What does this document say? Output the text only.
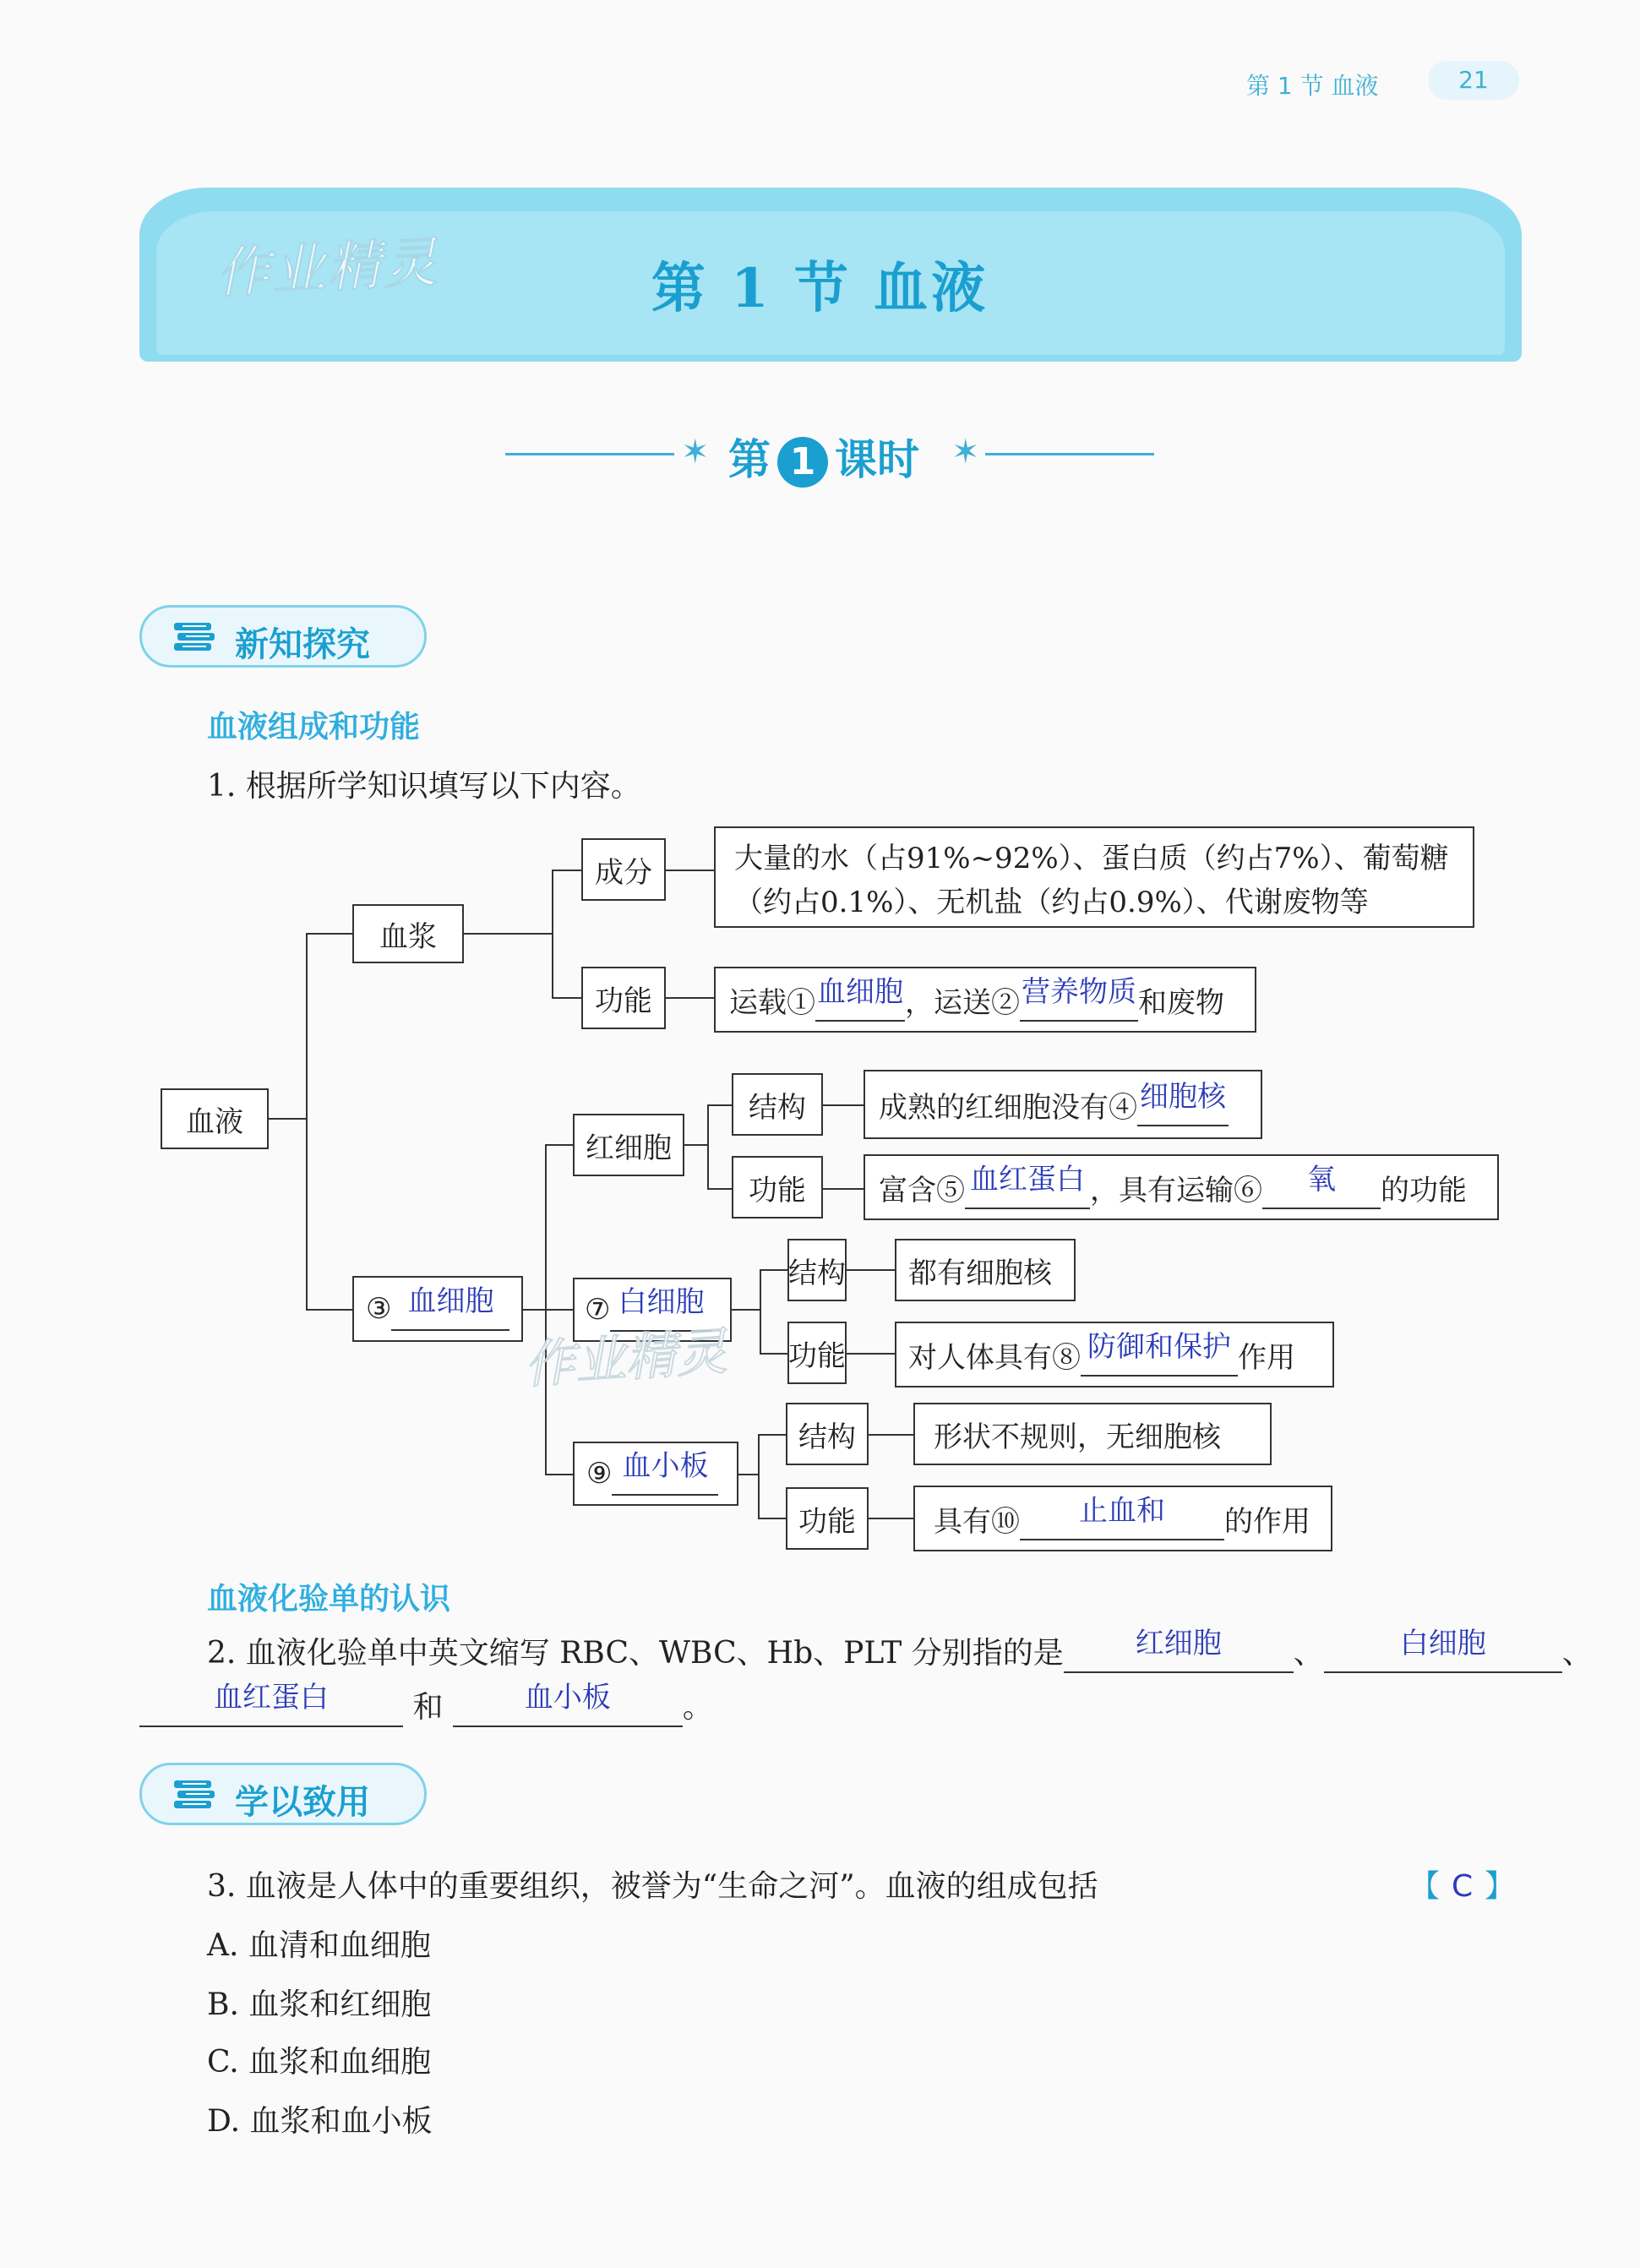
第 1 节 血液	21
作业精灵	第 1 节 血液
✶ 第 1 课时 ✶
新知探究
血液组成和功能
1. 根据所学知识填写以下内容。
血液
血浆
成分	大量的水（占91%~92%）、蛋白质（约占7%）、葡萄糖
（约占0.1%）、无机盐（约占0.9%）、代谢废物等
功能	运载① 血细胞 ，运送② 营养物质 和废物
③ 血细胞
红细胞
结构	成熟的红细胞没有④ 细胞核
功能	富含⑤ 血红蛋白 ，具有运输⑥	氧	的功能
⑦ 白细胞
结构 都有细胞核
功能 对人体具有⑧ 防御和保护 作用
⑨ 血小板
结构	形状不规则，无细胞核
功能	具有⑩	止血和	的作用
作业精灵
血液化验单的认识
2. 血液化验单中英文缩写 RBC、WBC、Hb、PLT 分别指的是	红细胞 、	白细胞	、
血红蛋白	和	血小板 。
学以致用
3. 血液是人体中的重要组织，被誉为“生命之河”。血液的组成包括	【 C 】
A. 血清和血细胞
B. 血浆和红细胞
C. 血浆和血细胞
D. 血浆和血小板
